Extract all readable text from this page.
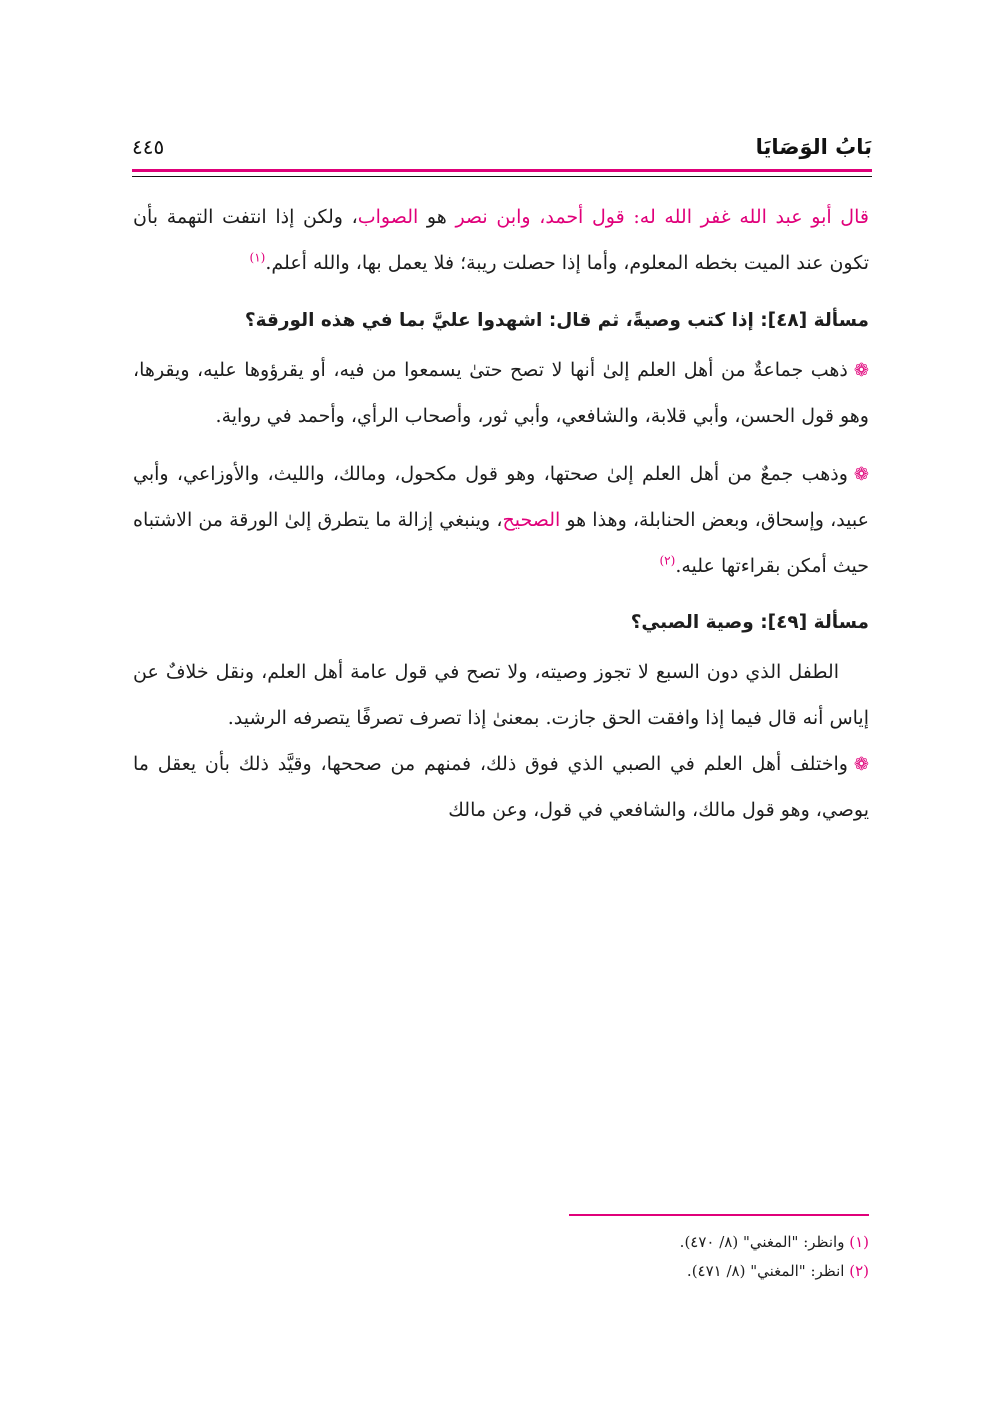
بَابُ الوَصَايَا
٤٤٥

قال أبو عبد الله غفر الله له: قول أحمد، وابن نصر هو الصواب، ولكن إذا انتفت التهمة بأن تكون عند الميت بخطه المعلوم، وأما إذا حصلت ريبة؛ فلا يعمل بها، والله أعلم.$^{(١)}$

مسألة [٤٨]: إذا كتب وصيةً، ثم قال: اشهدوا عليَّ بما في هذه الورقة؟

❁ذهب جماعةٌ من أهل العلم إلىٰ أنها لا تصح حتىٰ يسمعوا من فيه، أو يقرؤوها عليه، ويقرها، وهو قول الحسن، وأبي قلابة، والشافعي، وأبي ثور، وأصحاب الرأي، وأحمد في رواية.

❁وذهب جمعٌ من أهل العلم إلىٰ صحتها، وهو قول مكحول، ومالك، والليث، والأوزاعي، وأبي عبيد، وإسحاق، وبعض الحنابلة، وهذا هو الصحيح، وينبغي إزالة ما يتطرق إلىٰ الورقة من الاشتباه حيث أمكن بقراءتها عليه.$^{(٢)}$

مسألة [٤٩]: وصية الصبي؟

الطفل الذي دون السبع لا تجوز وصيته، ولا تصح في قول عامة أهل العلم، ونقل خلافٌ عن إياس أنه قال فيما إذا وافقت الحق جازت. بمعنىٰ إذا تصرف تصرفًا يتصرفه الرشيد.

❁واختلف أهل العلم في الصبي الذي فوق ذلك، فمنهم من صححها، وقيَّد ذلك بأن يعقل ما يوصي، وهو قول مالك، والشافعي في قول، وعن مالك

(١) وانظر: "المغني" (٨/ ٤٧٠).
(٢) انظر: "المغني" (٨/ ٤٧١).
